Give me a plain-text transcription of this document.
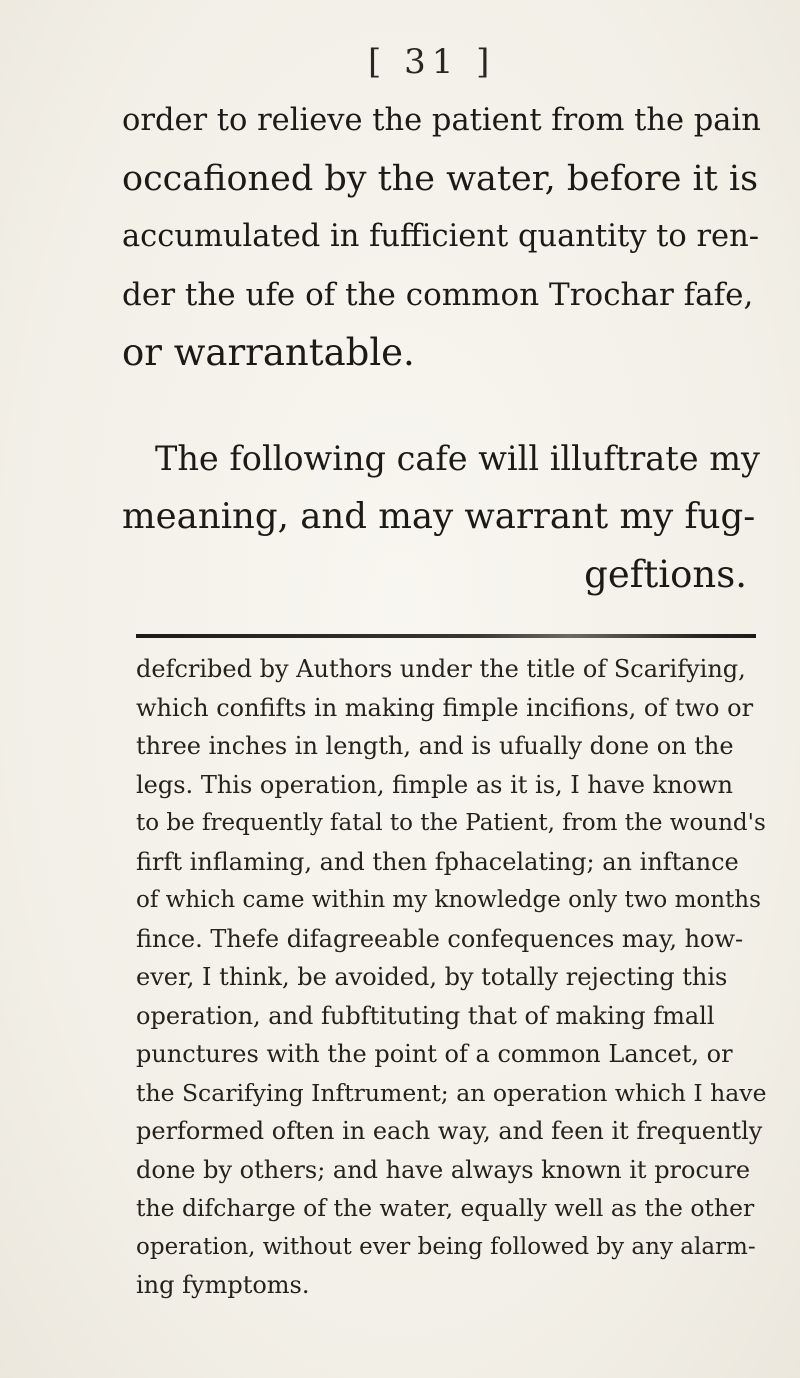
[ 31 ]
order to relieve the patient from the pain
occafioned by the water, before it is
accumulated in fufficient quantity to ren-
der the ufe of the common Trochar fafe,
or warrantable.
The following cafe will illuftrate my
meaning, and may warrant my fug-
geftions.
defcribed by Authors under the title of Scarifying,
which confifts in making fimple incifions, of two or
three inches in length, and is ufually done on the
legs. This operation, fimple as it is, I have known
to be frequently fatal to the Patient, from the wound's
firft inflaming, and then fphacelating; an inftance
of which came within my knowledge only two months
fince. Thefe difagreeable confequences may, how-
ever, I think, be avoided, by totally rejecting this
operation, and fubftituting that of making fmall
punctures with the point of a common Lancet, or
the Scarifying Inftrument; an operation which I have
performed often in each way, and feen it frequently
done by others; and have always known it procure
the difcharge of the water, equally well as the other
operation, without ever being followed by any alarm-
ing fymptoms.
